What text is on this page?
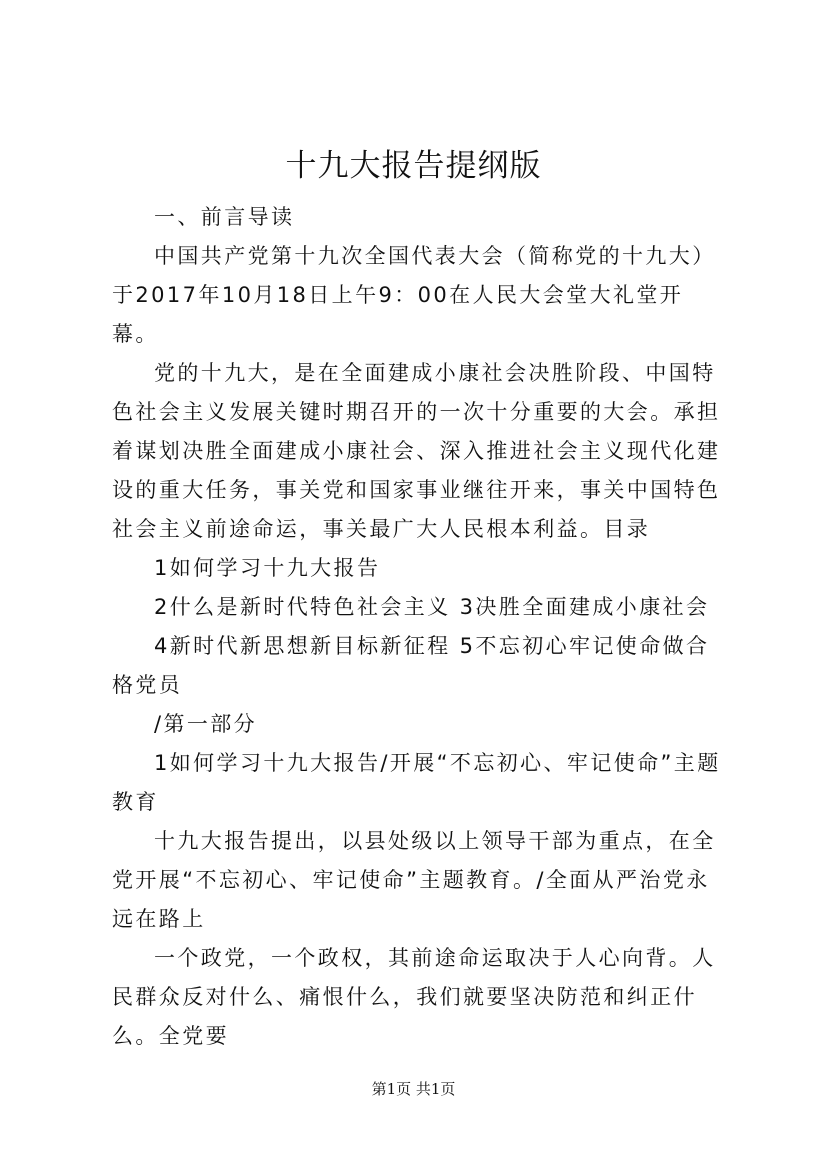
十九大报告提纲版

一、前言导读

中国共产党第十九次全国代表大会（简称党的十九大）于2017年10月18日上午9：00在人民大会堂大礼堂开幕。

党的十九大，是在全面建成小康社会决胜阶段、中国特色社会主义发展关键时期召开的一次十分重要的大会。承担着谋划决胜全面建成小康社会、深入推进社会主义现代化建设的重大任务，事关党和国家事业继往开来，事关中国特色社会主义前途命运，事关最广大人民根本利益。目录

1如何学习十九大报告

2什么是新时代特色社会主义 3决胜全面建成小康社会

4新时代新思想新目标新征程 5不忘初心牢记使命做合格党员

/第一部分

1如何学习十九大报告/开展“不忘初心、牢记使命”主题教育

十九大报告提出，以县处级以上领导干部为重点，在全党开展“不忘初心、牢记使命”主题教育。/全面从严治党永远在路上

一个政党，一个政权，其前途命运取决于人心向背。人民群众反对什么、痛恨什么，我们就要坚决防范和纠正什么。全党要

第1页 共1页
